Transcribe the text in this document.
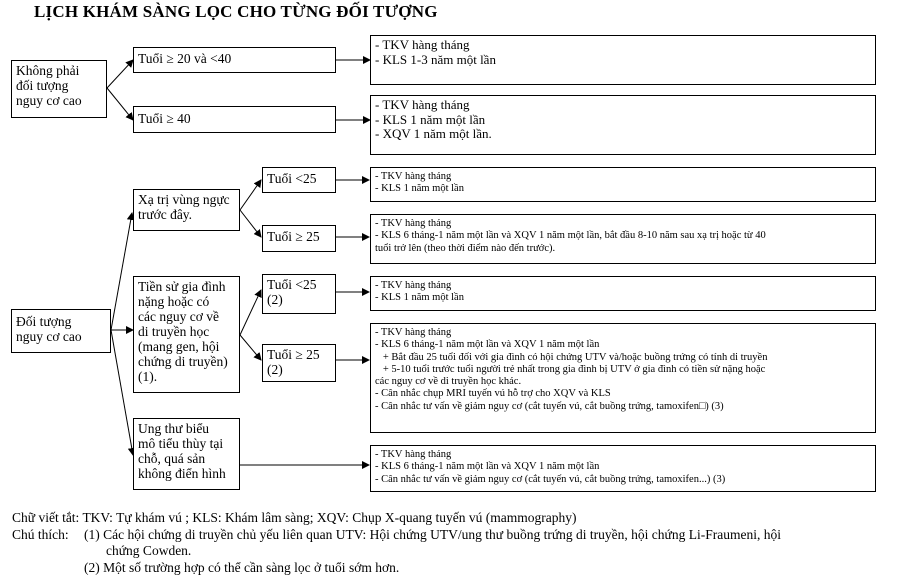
LỊCH KHÁM SÀNG LỌC CHO TỪNG ĐỐI TƯỢNG
Không phải
đối tượng
nguy cơ cao
Tuổi ≥ 20 và <40
Tuổi ≥ 40
- TKV hàng tháng
- KLS 1-3 năm một lần
- TKV hàng tháng
- KLS 1 năm một lần
- XQV 1 năm một lần.
Đối tượng
nguy cơ cao
Xạ trị vùng ngực
trước đây.
Tuổi <25
Tuổi ≥ 25
- TKV hàng tháng
- KLS 1 năm một lần
- TKV hàng tháng
- KLS 6 tháng-1 năm một lần và XQV 1 năm một lần, bắt đầu 8-10 năm sau xạ trị hoặc từ 40
tuổi trở lên (theo thời điểm nào đến trước).
Tiền sử gia đình
nặng hoặc có
các nguy cơ về
di truyền học
(mang gen, hội
chứng di truyền)
(1).
Tuổi <25
(2)
Tuổi ≥ 25
(2)
- TKV hàng tháng
- KLS 1 năm một lần
- TKV hàng tháng
- KLS 6 tháng-1 năm một lần và XQV 1 năm một lần
+ Bắt đầu 25 tuổi đối với gia đình có hội chứng UTV và/hoặc buồng trứng có tính di truyền
+ 5-10 tuổi trước tuổi người trẻ nhất trong gia đình bị UTV ở gia đình có tiền sử nặng hoặc
các nguy cơ về di truyền học khác.
- Cân nhắc chụp MRI tuyến vú hỗ trợ cho XQV và KLS
- Cân nhắc tư vấn về giảm nguy cơ (cắt tuyến vú, cắt buồng trứng, tamoxifen□) (3)
Ung thư biểu
mô tiểu thùy tại
chỗ, quá sản
không điển hình
- TKV hàng tháng
- KLS 6 tháng-1 năm một lần và XQV 1 năm một lần
- Cân nhắc tư vấn về giảm nguy cơ (cắt tuyến vú, cắt buồng trứng, tamoxifen...) (3)
Chữ viết tắt: TKV: Tự khám vú ; KLS: Khám lâm sàng; XQV: Chụp X-quang tuyến vú (mammography)
Chú thích: (1) Các hội chứng di truyền chủ yếu liên quan UTV: Hội chứng UTV/ung thư buồng trứng di truyền, hội chứng Li-Fraumeni, hội
chứng Cowden.
(2) Một số trường hợp có thể cần sàng lọc ở tuổi sớm hơn.
